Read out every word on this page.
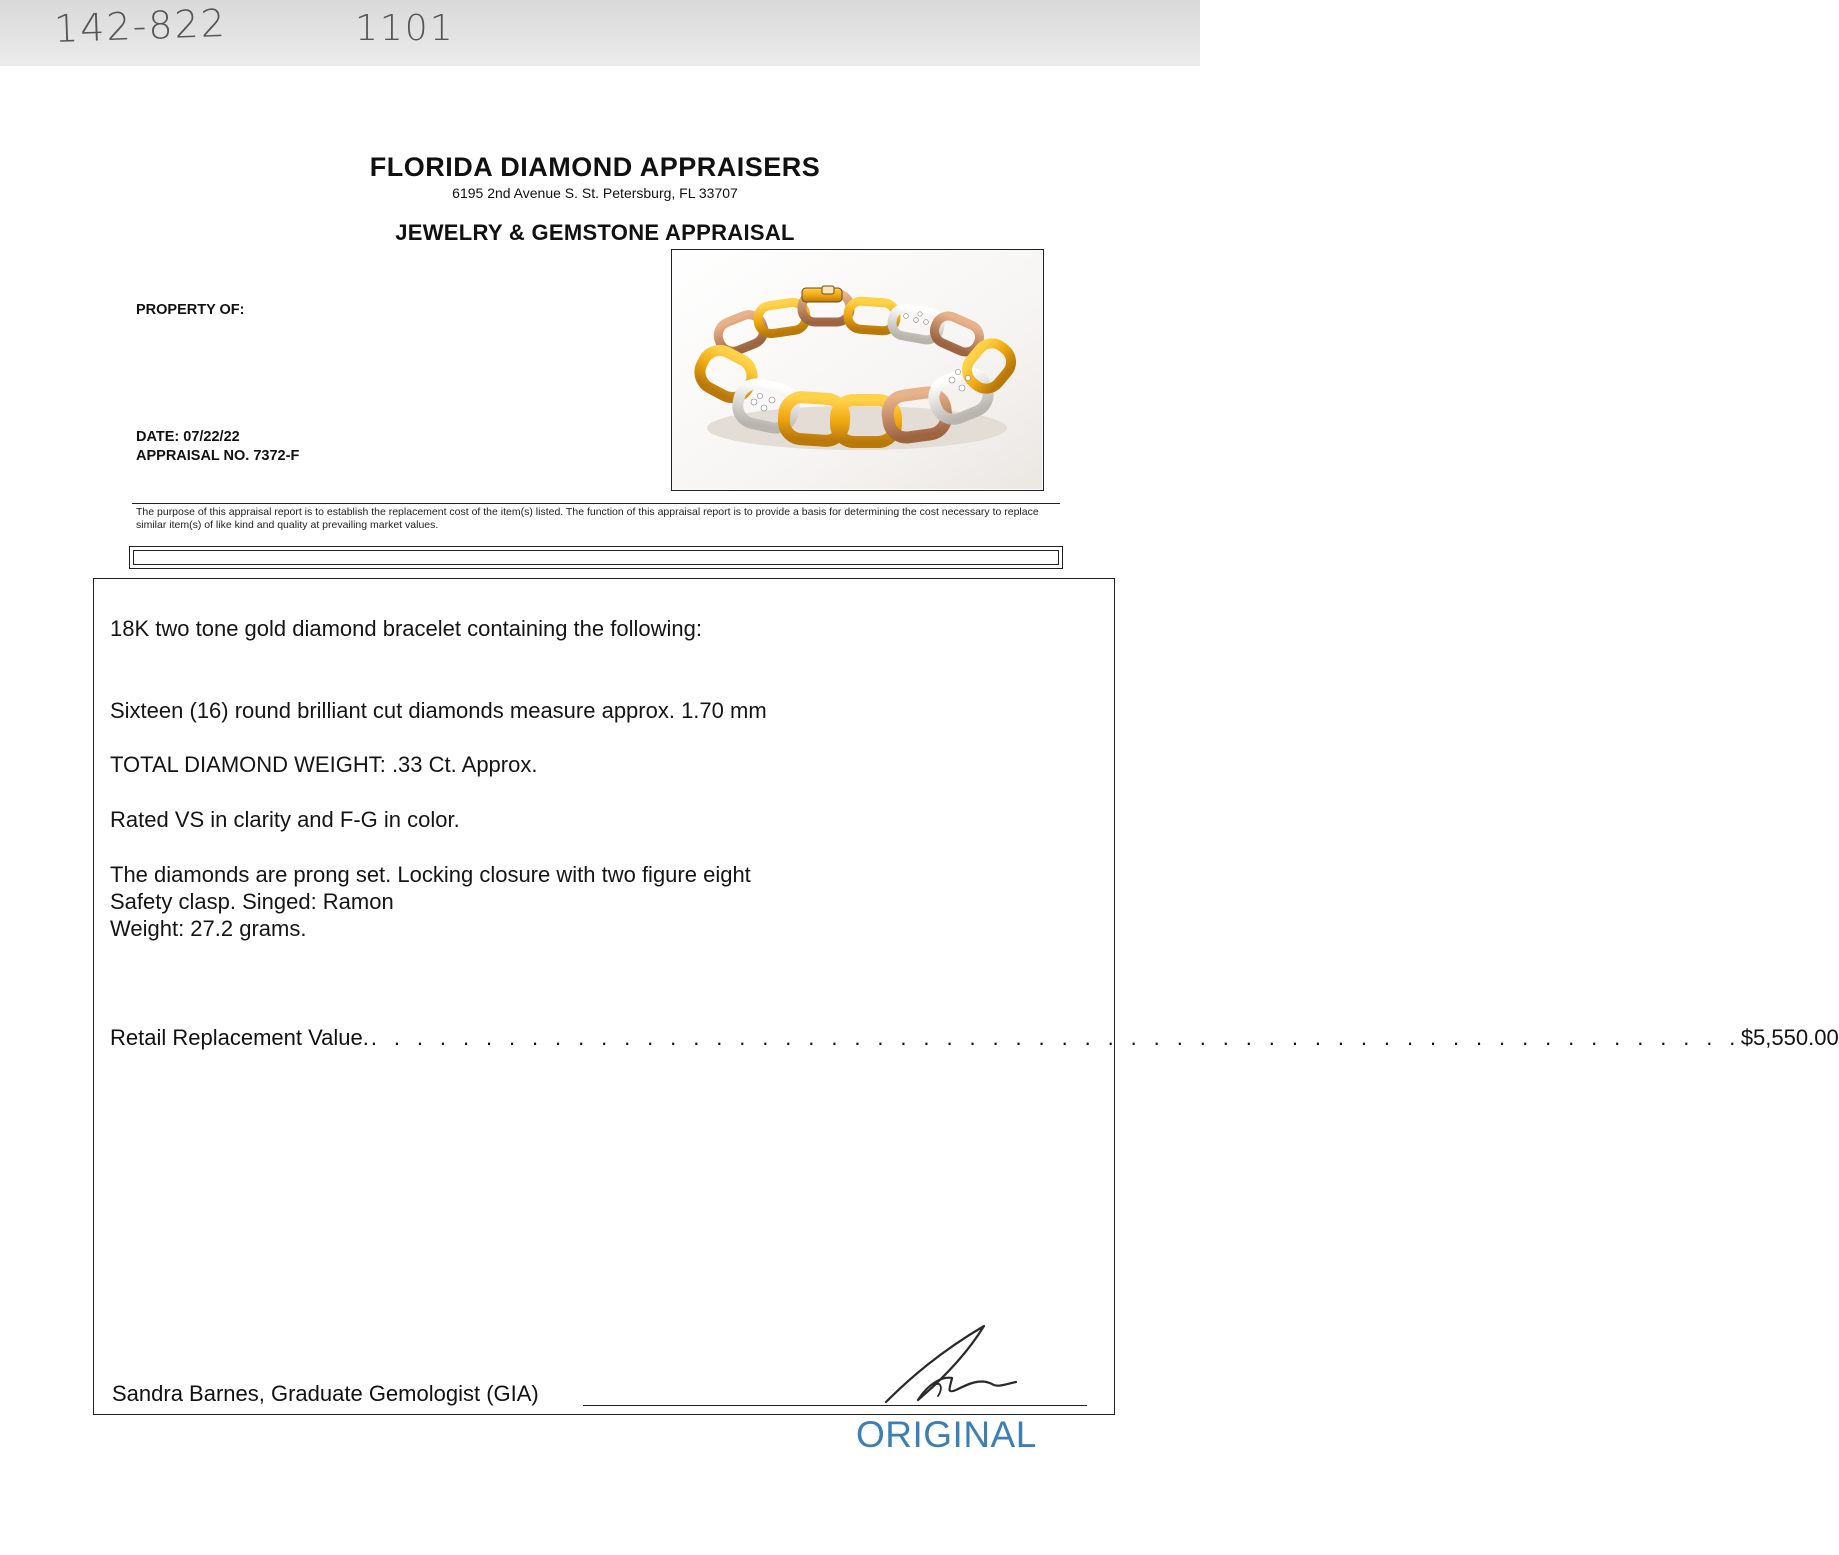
142-822	1101
FLORIDA DIAMOND APPRAISERS
6195 2nd Avenue S. St. Petersburg, FL 33707
JEWELRY & GEMSTONE APPRAISAL
PROPERTY OF:
DATE: 07/22/22
APPRAISAL NO. 7372-F
The purpose of this appraisal report is to establish the replacement cost of the item(s) listed. The function of this appraisal report is to provide a basis for determining the cost necessary to replace similar item(s) of like kind and quality at prevailing market values.
18K two tone gold diamond bracelet containing the following:
Sixteen (16) round brilliant cut diamonds measure approx. 1.70 mm
TOTAL DIAMOND WEIGHT: .33 Ct. Approx.
Rated VS in clarity and F-G in color.
The diamonds are prong set. Locking closure with two figure eight
Safety clasp. Singed: Ramon
Weight: 27.2 grams.
Retail Replacement Value. . . . . . . . . . . . . . . . . . . . . . . . . . . . . . . . . . . . . . . . . . . . . . . . . . . . . . . . . . . . . $5,550.00
Sandra Barnes, Graduate Gemologist (GIA)
ORIGINAL
